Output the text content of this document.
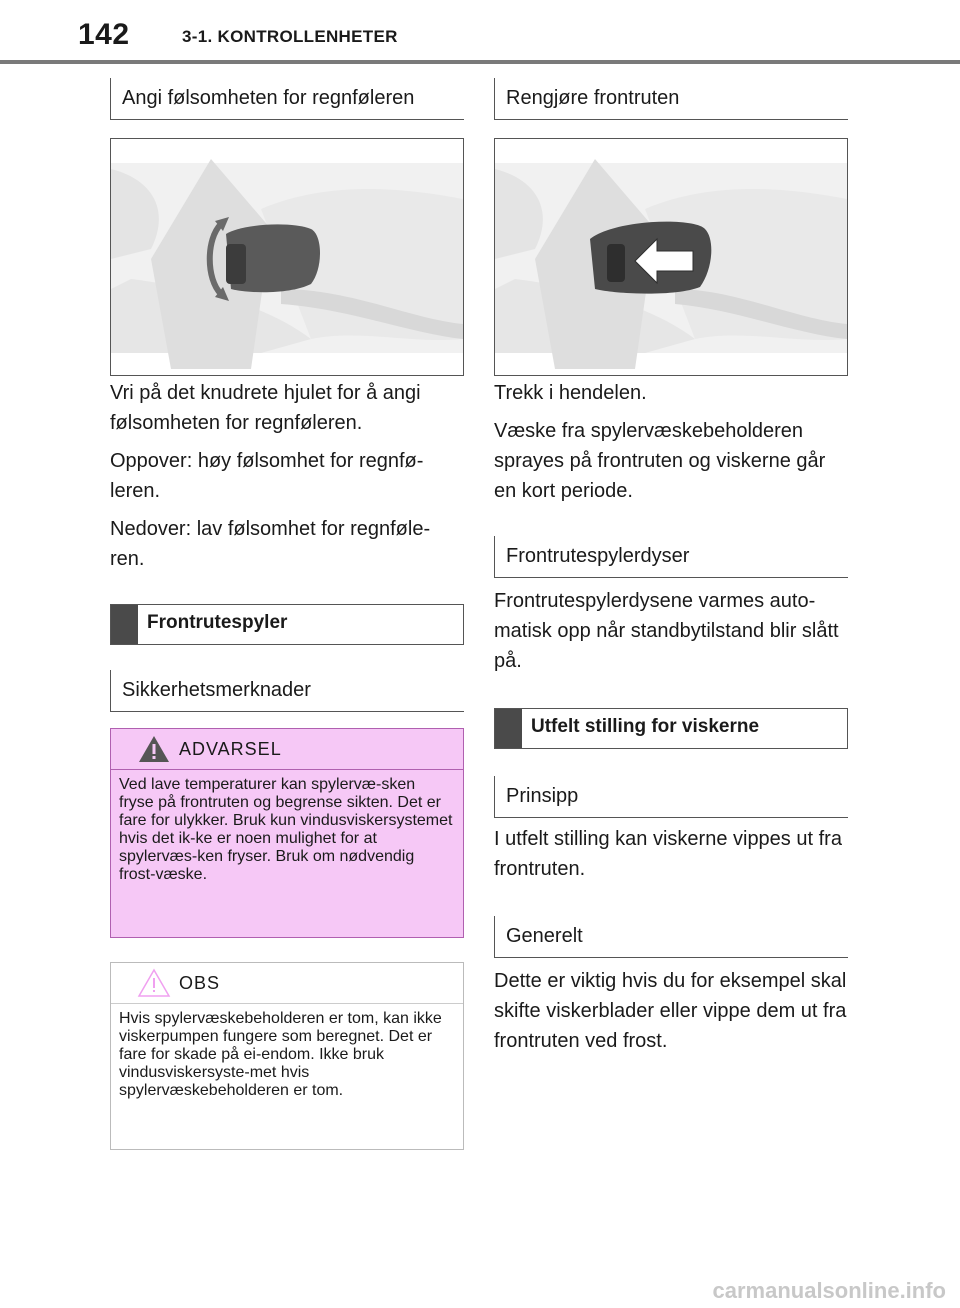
142	3-1. KONTROLLENHETER
Angi følsomheten for regnføleren

Vri på det knudrete hjulet for å angi følsomheten for regnføleren.

Oppover: høy følsomhet for regnfø-leren.

Nedover: lav følsomhet for regnføle-ren.

Frontrutespyler
Sikkerhetsmerknader
ADVARSEL
Ved lave temperaturer kan spylervæ-sken fryse på frontruten og begrense sikten. Det er fare for ulykker. Bruk kun vindusviskersystemet hvis det ik-ke er noen mulighet for at spylervæs-ken fryser. Bruk om nødvendig frost-væske.
OBS
Hvis spylervæskebeholderen er tom, kan ikke viskerpumpen fungere som beregnet. Det er fare for skade på ei-endom. Ikke bruk vindusviskersyste-met hvis spylervæskebeholderen er tom.
Rengjøre frontruten

Trekk i hendelen.

Væske fra spylervæskebeholderen sprayes på frontruten og viskerne går en kort periode.

Frontrutespylerdyser

Frontrutespylerdysene varmes auto-matisk opp når standbytilstand blir slått på.

Utfelt stilling for viskerne
Prinsipp

I utfelt stilling kan viskerne vippes ut fra frontruten.

Generelt

Dette er viktig hvis du for eksempel skal skifte viskerblader eller vippe dem ut fra frontruten ved frost.

carmanualsonline.info
